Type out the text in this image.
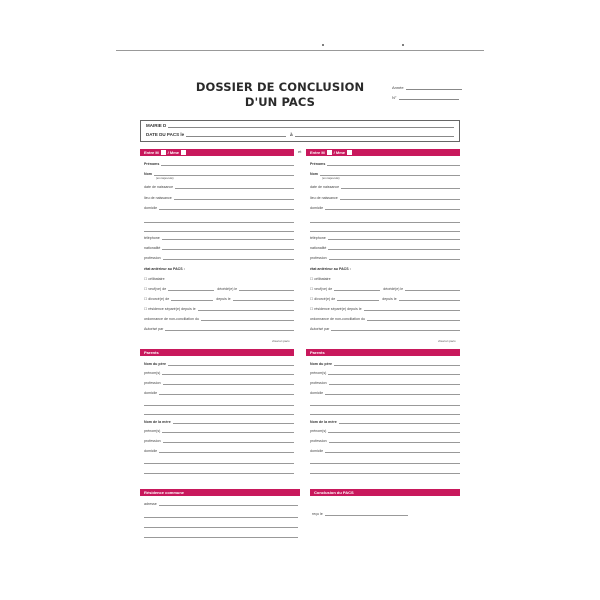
DOSSIER DE CONCLUSION
D'UN PACS
Année
N°
MAIRIE D
DATE DU PACS le	à
Entre M / Mme	et Entre M / Mme
Prénoms
Nom
(en majuscule)
date de naissance
lieu de naissance
domicile
téléphone
nationalité
profession
état antérieur au PACS :
☐ célibataire
☐ veuf(ve) de	décédé(e) le
☐ divorcé(e) de	depuis le
☐ résidence séparé(e) depuis le
ordonnance de non-conciliation du
Autorisé par
d'aucun pacs
Prénoms
Nom
(en majuscule)
date de naissance
lieu de naissance
domicile
téléphone
nationalité
profession
état antérieur au PACS :
☐ célibataire
☐ veuf(ve) de	décédé(e) le
☐ divorcé(e) de	depuis le
☐ résidence séparé(e) depuis le
ordonnance de non-conciliation du
Autorisé par
d'aucun pacs
Parents	Parents
Nom du père
prénom(s)
profession
domicile
Nom de la mère
prénom(s)
profession
domicile
Nom du père
prénom(s)
profession
domicile
Nom de la mère
prénom(s)
profession
domicile
Résidence commune	Conclusion du PACS
adresse
reçu le
